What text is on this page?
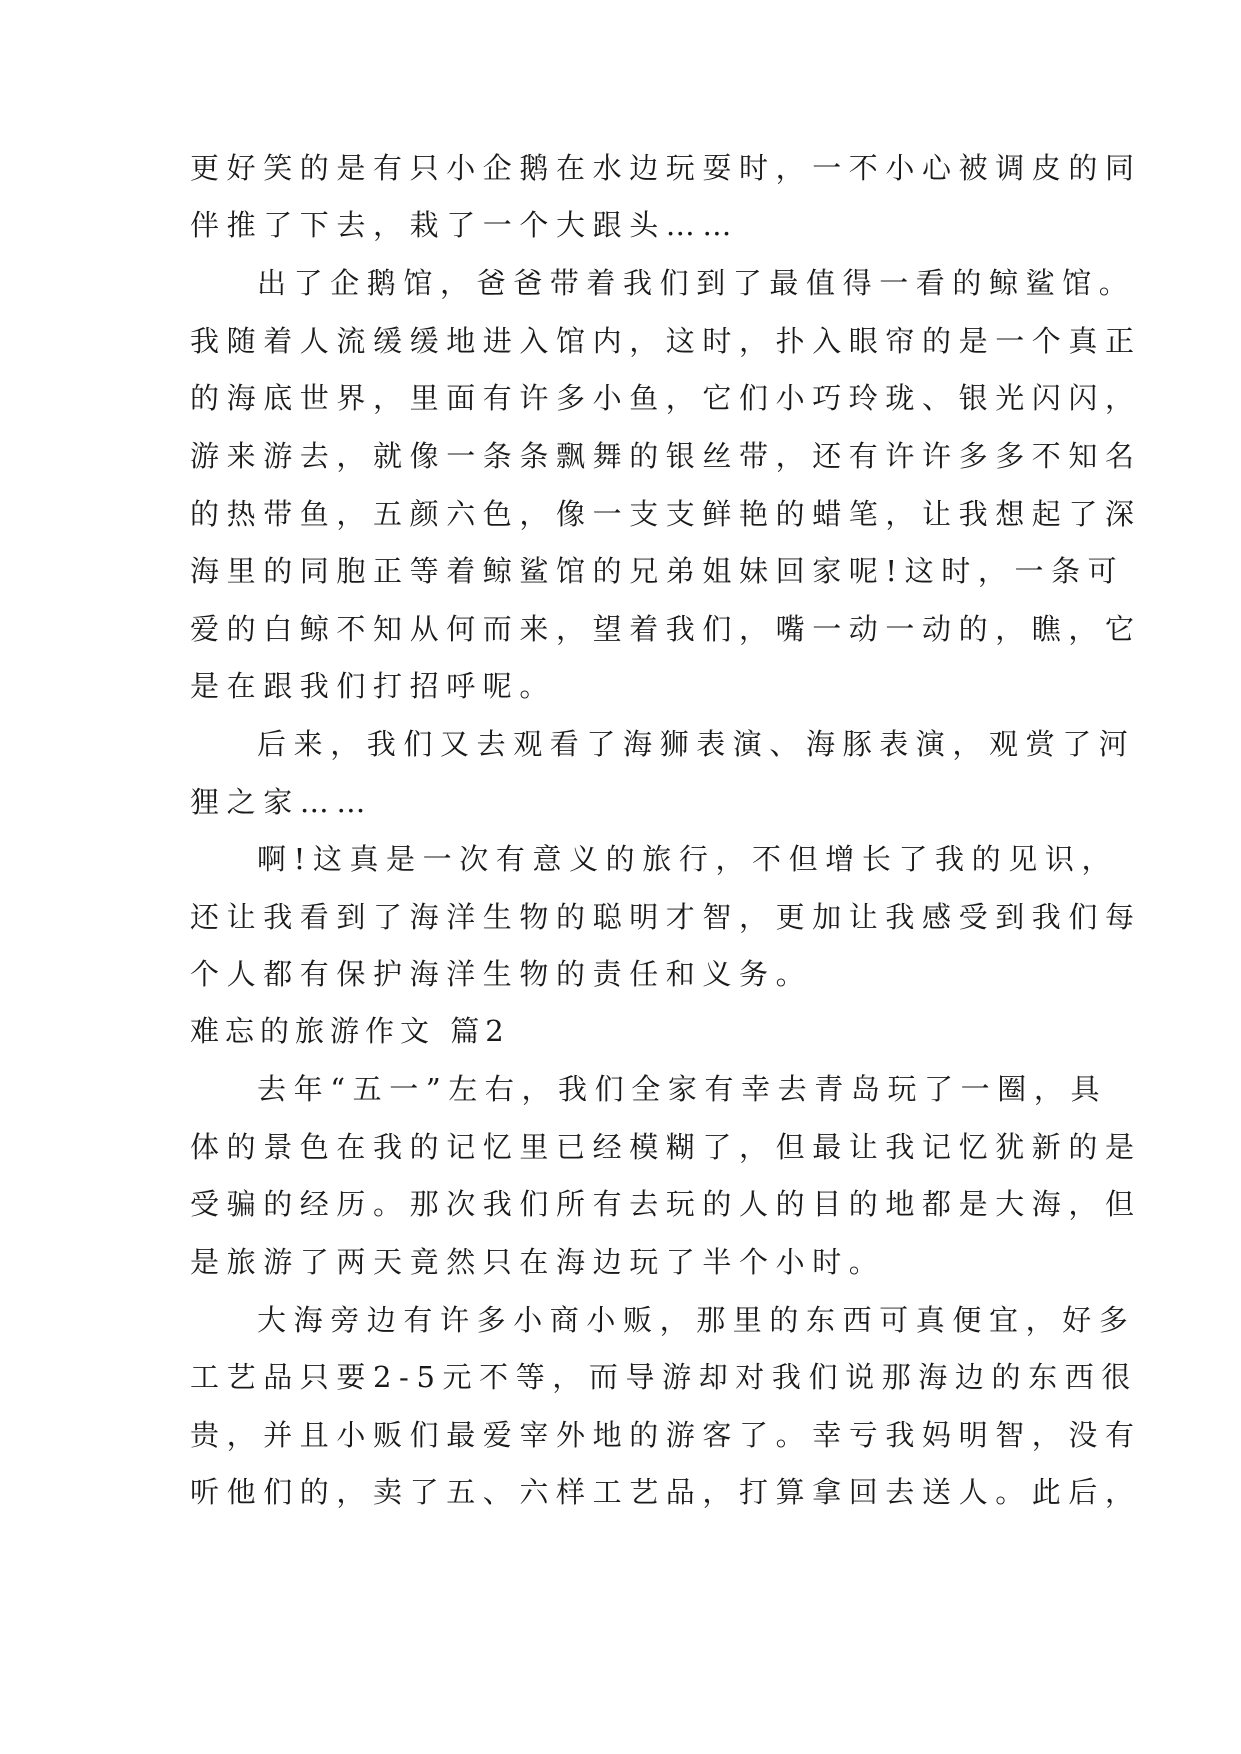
更好笑的是有只小企鹅在水边玩耍时，一不小心被调皮的同
伴推了下去，栽了一个大跟头……
出了企鹅馆，爸爸带着我们到了最值得一看的鲸鲨馆。
我随着人流缓缓地进入馆内，这时，扑入眼帘的是一个真正
的海底世界，里面有许多小鱼，它们小巧玲珑、银光闪闪，
游来游去，就像一条条飘舞的银丝带，还有许许多多不知名
的热带鱼，五颜六色，像一支支鲜艳的蜡笔，让我想起了深
海里的同胞正等着鲸鲨馆的兄弟姐妹回家呢!这时，一条可
爱的白鲸不知从何而来，望着我们，嘴一动一动的，瞧，它
是在跟我们打招呼呢。
后来，我们又去观看了海狮表演、海豚表演，观赏了河
狸之家……
啊!这真是一次有意义的旅行，不但增长了我的见识，
还让我看到了海洋生物的聪明才智，更加让我感受到我们每
个人都有保护海洋生物的责任和义务。
难忘的旅游作文 篇2
去年“五一”左右，我们全家有幸去青岛玩了一圈，具
体的景色在我的记忆里已经模糊了，但最让我记忆犹新的是
受骗的经历。那次我们所有去玩的人的目的地都是大海，但
是旅游了两天竟然只在海边玩了半个小时。
大海旁边有许多小商小贩，那里的东西可真便宜，好多
工艺品只要2-5元不等，而导游却对我们说那海边的东西很
贵，并且小贩们最爱宰外地的游客了。幸亏我妈明智，没有
听他们的，卖了五、六样工艺品，打算拿回去送人。此后，
